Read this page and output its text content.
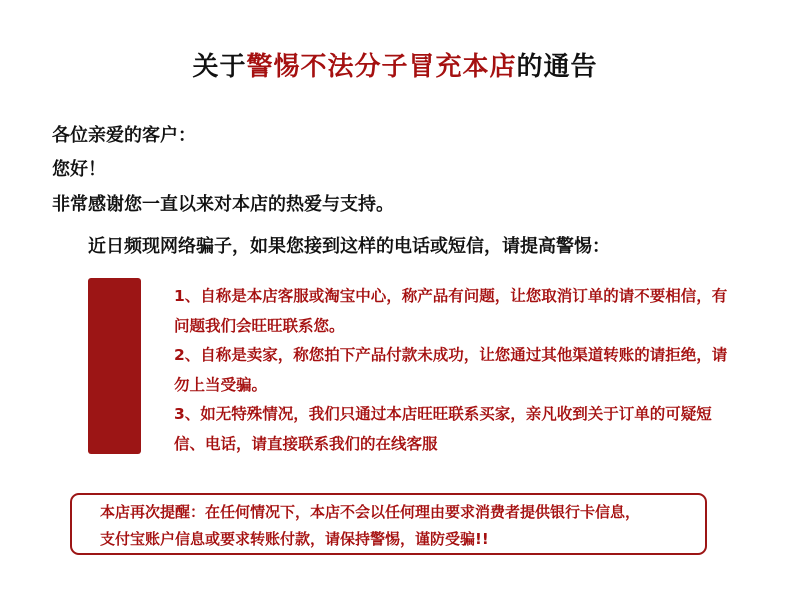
关于警惕不法分子冒充本店的通告
各位亲爱的客户：
您好！
非常感谢您一直以来对本店的热爱与支持。
近日频现网络骗子，如果您接到这样的电话或短信，请提高警惕：

1、自称是本店客服或淘宝中心，称产品有问题，让您取消订单的请不要相信，有问题我们会旺旺联系您。

2、自称是卖家，称您拍下产品付款未成功，让您通过其他渠道转账的请拒绝，请勿上当受骗。

3、如无特殊情况，我们只通过本店旺旺联系买家，亲凡收到关于订单的可疑短信、电话，请直接联系我们的在线客服

本店再次提醒：在任何情况下，本店不会以任何理由要求消费者提供银行卡信息，

支付宝账户信息或要求转账付款，请保持警惕，谨防受骗!!
